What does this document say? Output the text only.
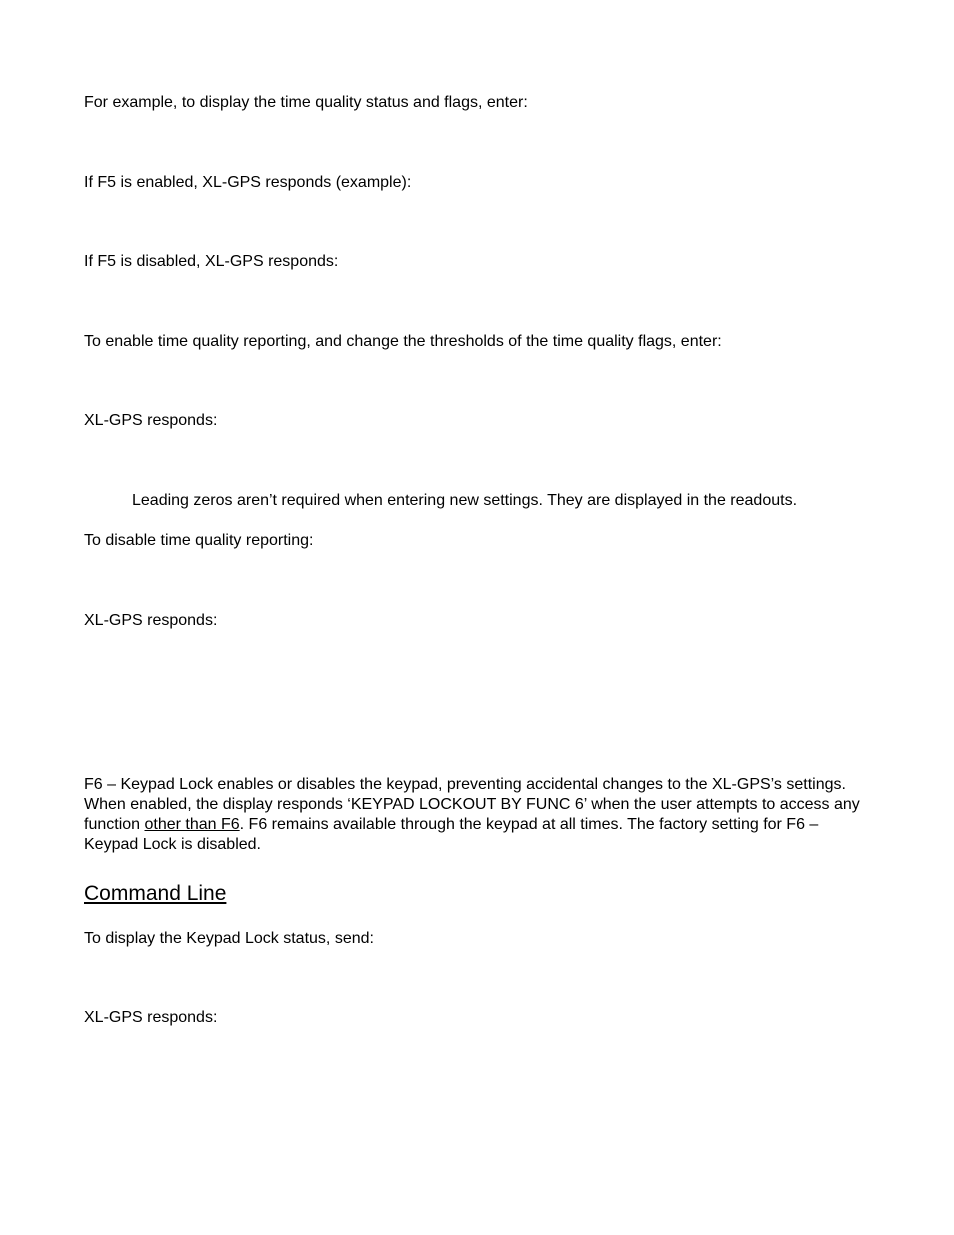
For example, to display the time quality status and flags, enter:
If F5 is enabled, XL-GPS responds (example):
If F5 is disabled, XL-GPS responds:
To enable time quality reporting, and change the thresholds of the time quality flags, enter:
XL-GPS responds:
Leading zeros aren’t required when entering new settings. They are displayed in the readouts.
To disable time quality reporting:
XL-GPS responds:
F6 – Keypad Lock enables or disables the keypad, preventing accidental changes to the XL-GPS’s settings. When enabled, the display responds ‘KEYPAD LOCKOUT BY FUNC 6’ when the user attempts to access any function other than F6. F6 remains available through the keypad at all times. The factory setting for F6 – Keypad Lock is disabled.
Command Line
To display the Keypad Lock status, send:
XL-GPS responds:
